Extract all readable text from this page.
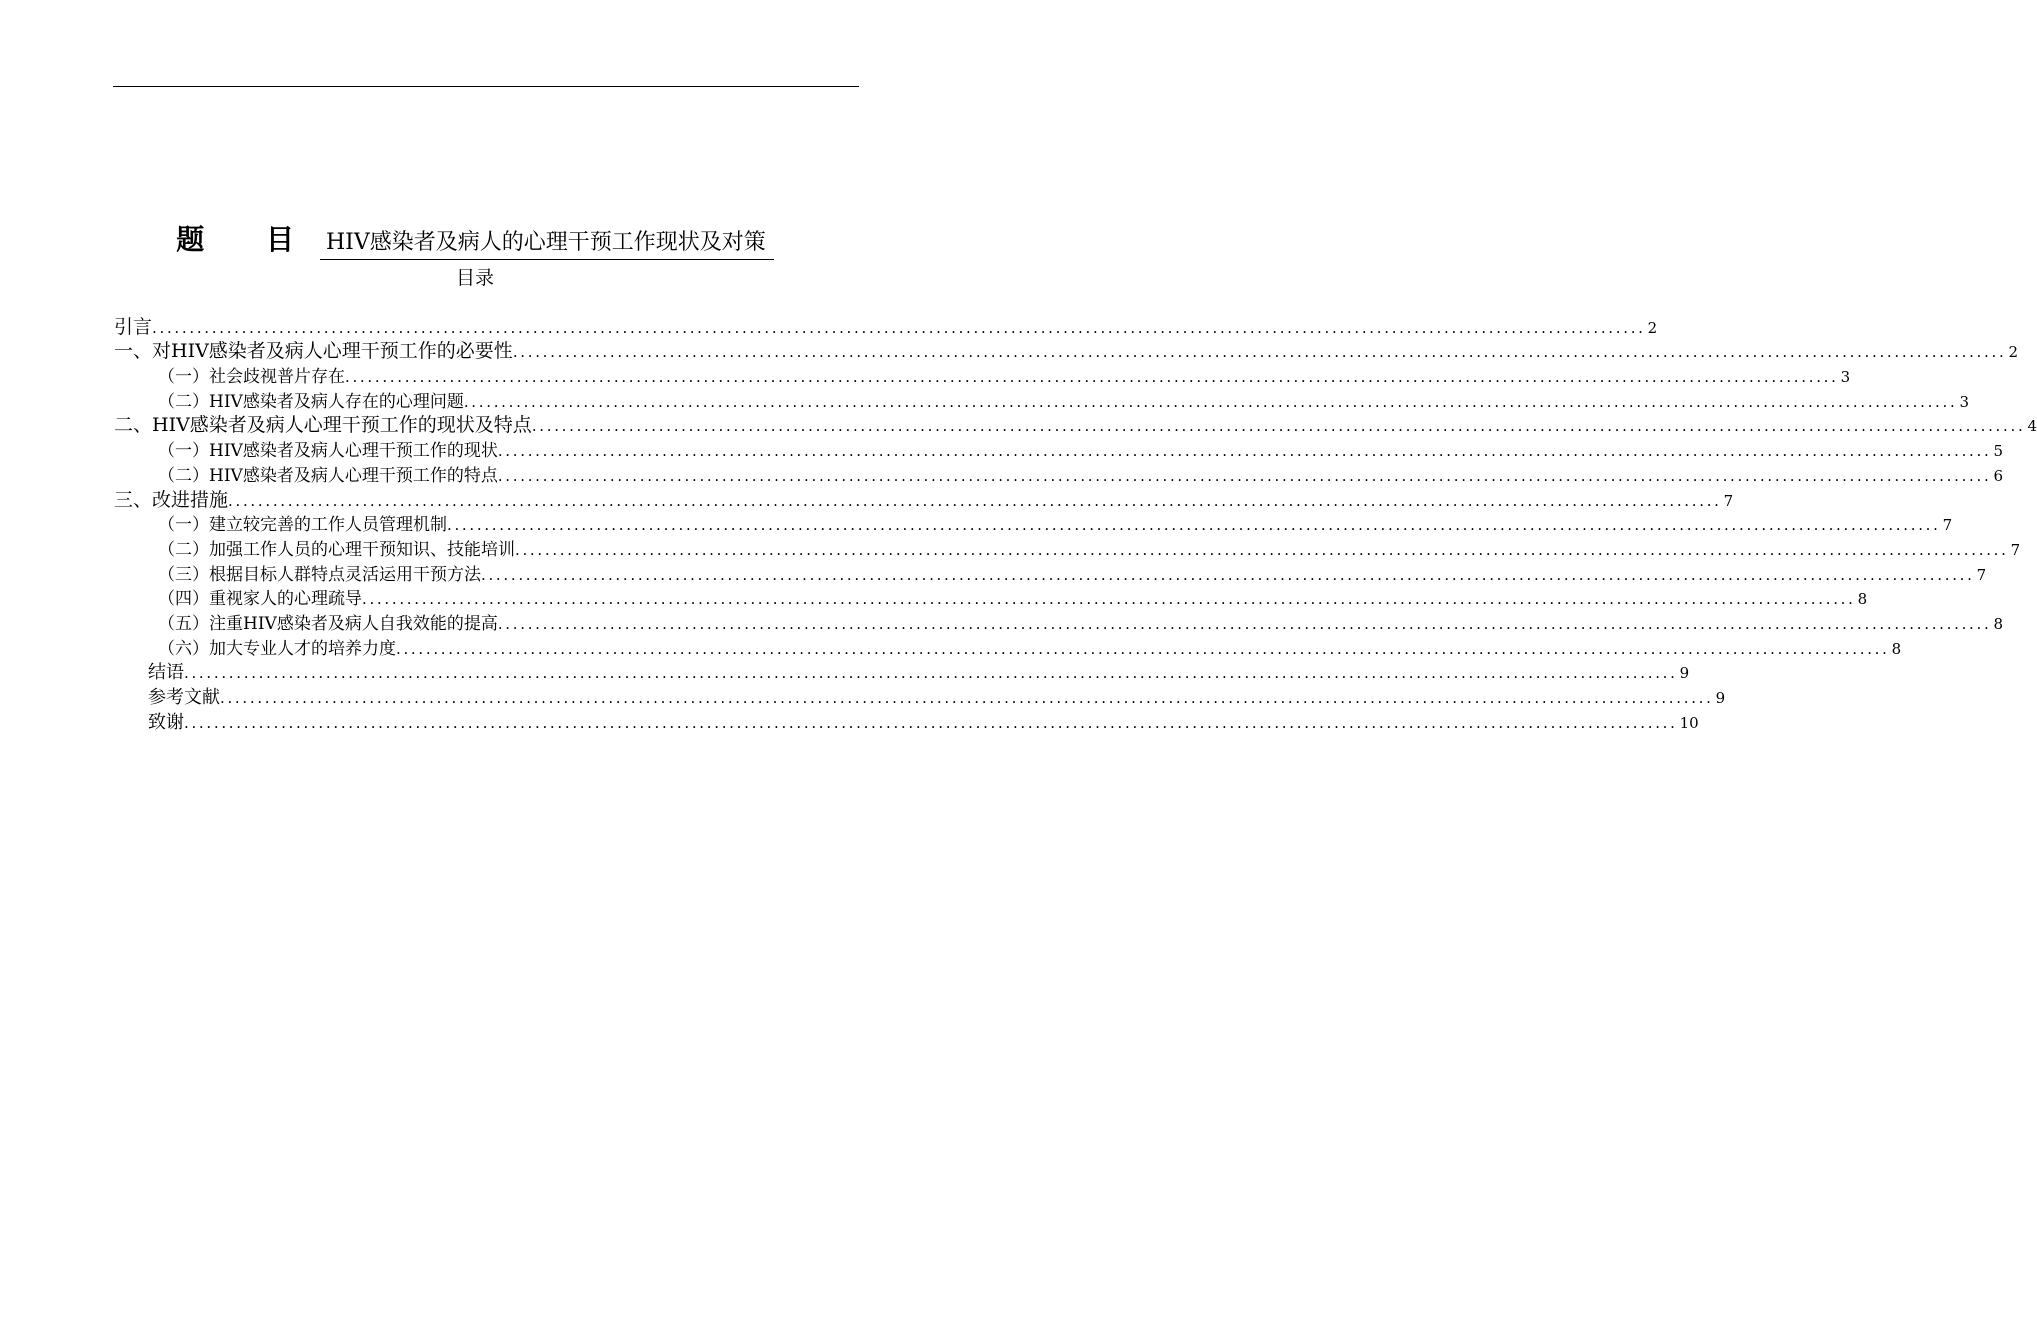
题 目 HIV感染者及病人的心理干预工作现状及对策
目录
引言 ........................................................................................................................................................................................................ 2
一、对HIV感染者及病人心理干预工作的必要性 ........................................................................................................................................................................................................ 2
（一）社会歧视普片存在 ........................................................................................................................................................................................................ 3
（二）HIV感染者及病人存在的心理问题 ........................................................................................................................................................................................................ 3
二、HIV感染者及病人心理干预工作的现状及特点 ........................................................................................................................................................................................................ 4
（一）HIV感染者及病人心理干预工作的现状 ........................................................................................................................................................................................................ 5
（二）HIV感染者及病人心理干预工作的特点 ........................................................................................................................................................................................................ 6
三、改进措施 ........................................................................................................................................................................................................ 7
（一）建立较完善的工作人员管理机制 ........................................................................................................................................................................................................ 7
（二）加强工作人员的心理干预知识、技能培训 ........................................................................................................................................................................................................ 7
（三）根据目标人群特点灵活运用干预方法 ........................................................................................................................................................................................................ 7
（四）重视家人的心理疏导 ........................................................................................................................................................................................................ 8
（五）注重HIV感染者及病人自我效能的提高 ........................................................................................................................................................................................................ 8
（六）加大专业人才的培养力度 ........................................................................................................................................................................................................ 8
结语 ........................................................................................................................................................................................................ 9
参考文献 ........................................................................................................................................................................................................ 9
致谢 ........................................................................................................................................................................................................ 10
